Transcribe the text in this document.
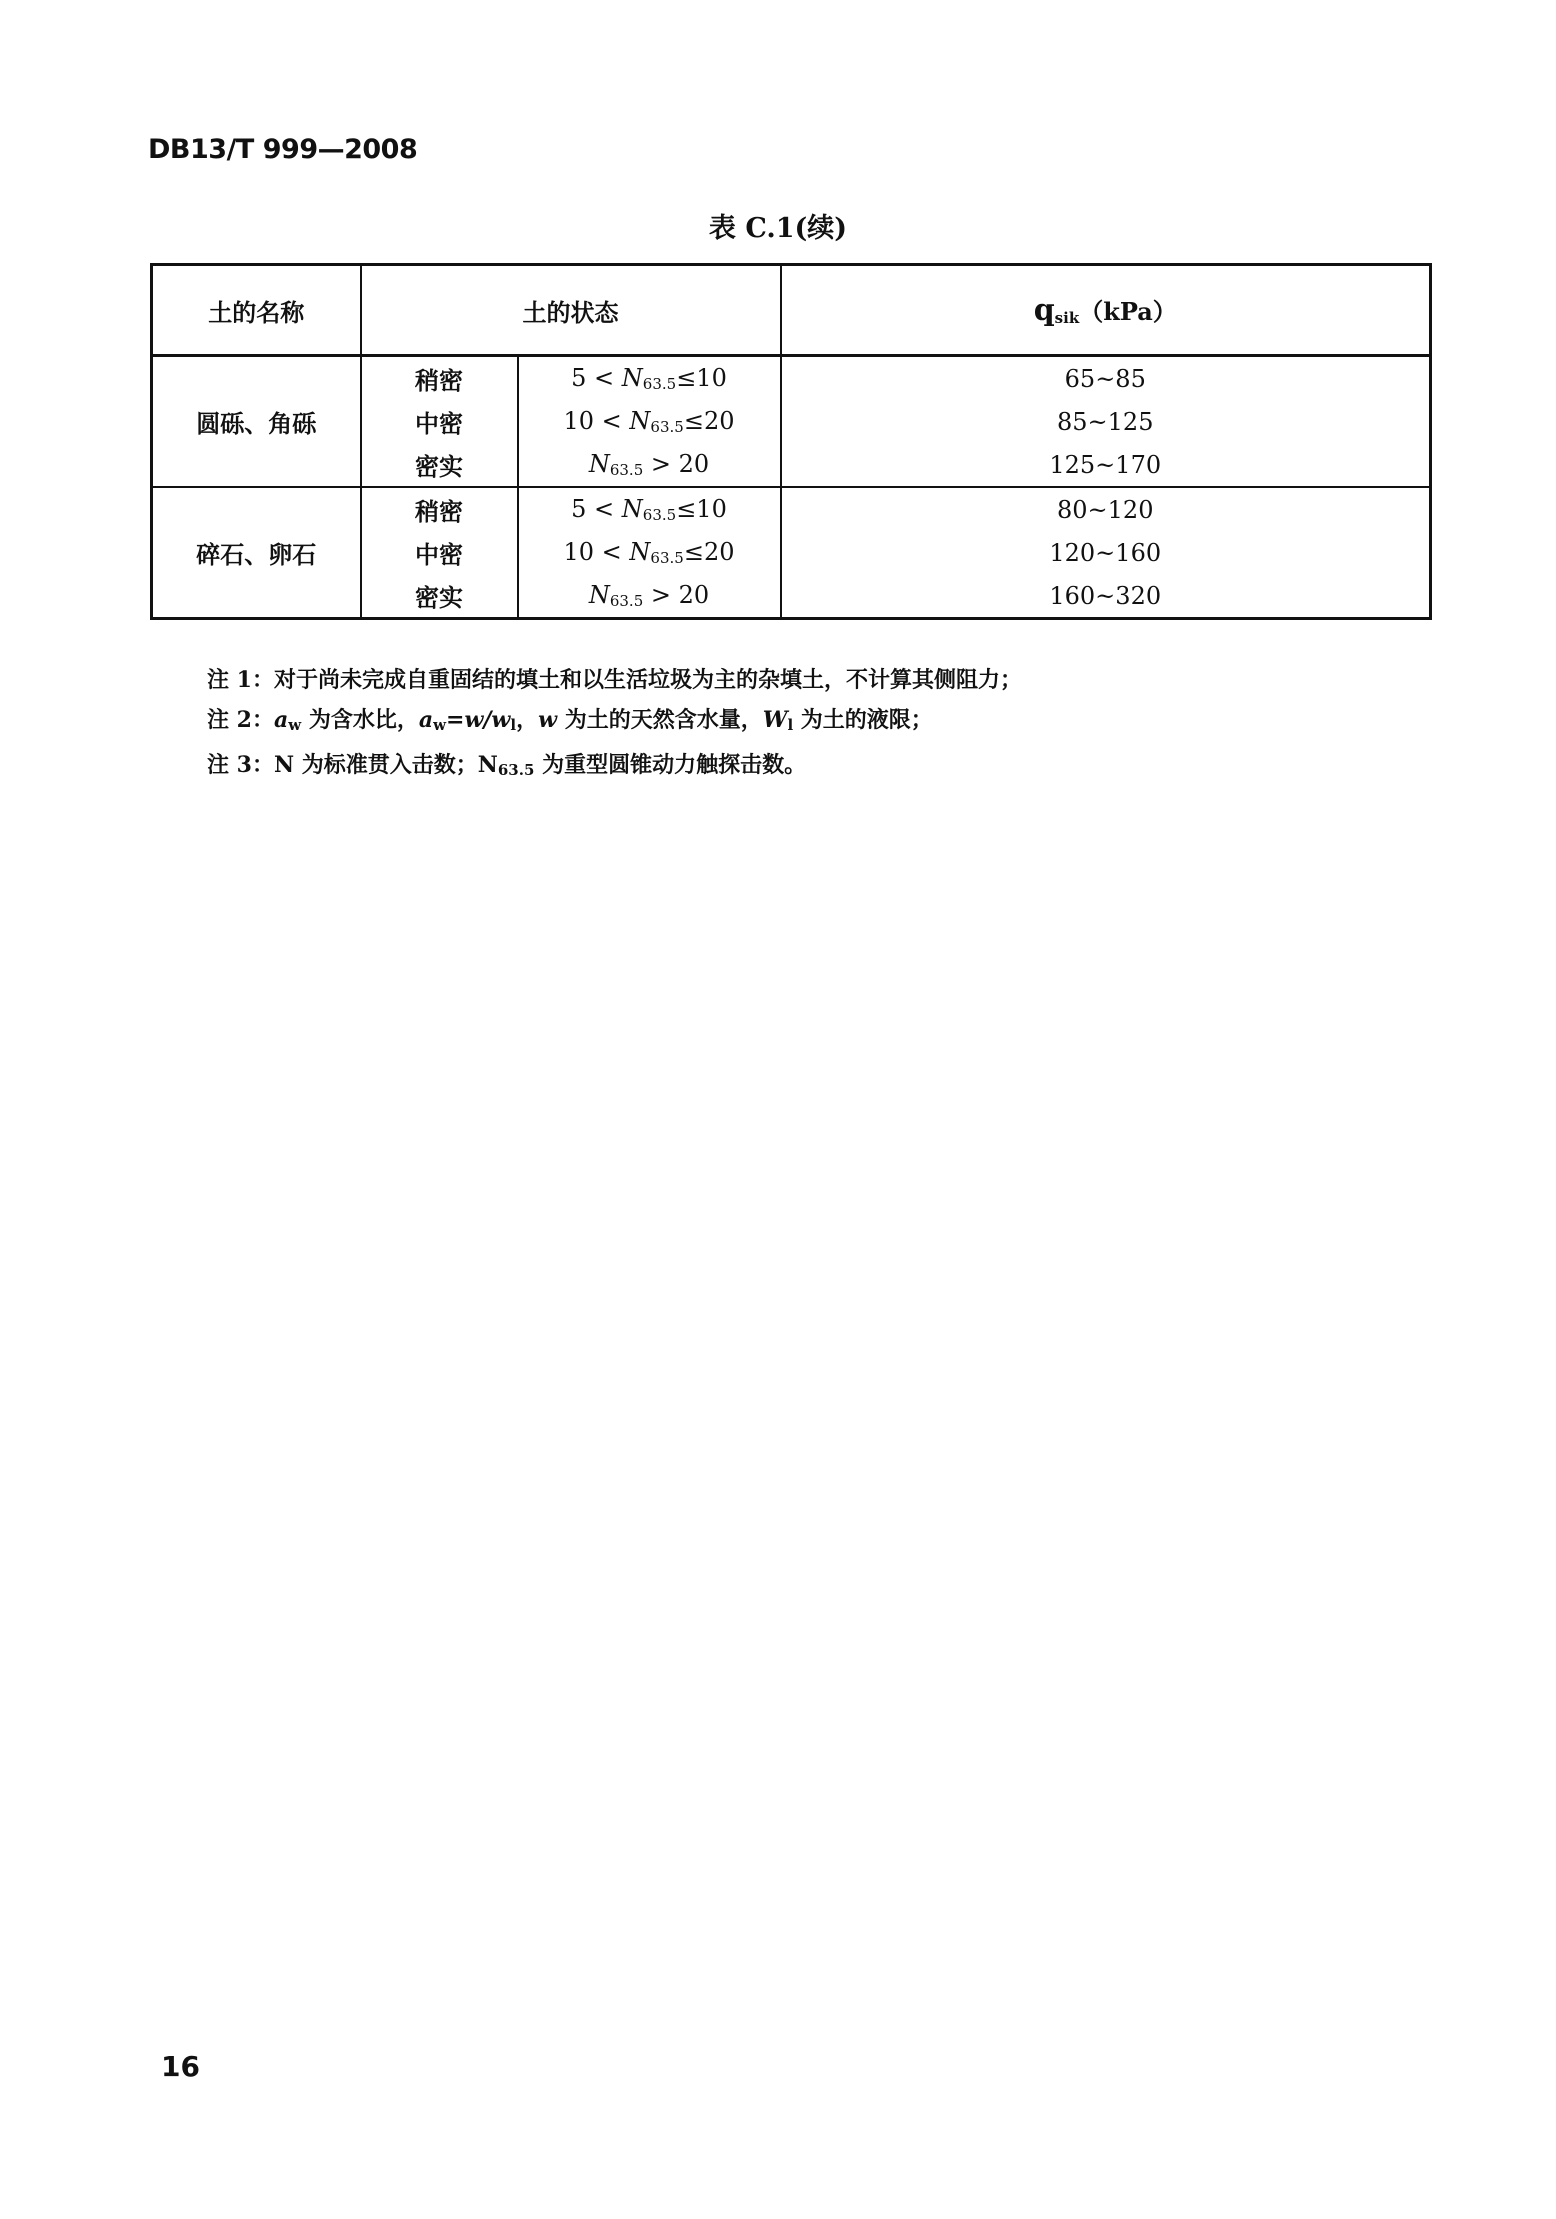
DB13/T 999—2008
表 C.1(续)
土的名称	土的状态		$q_{sik}(kPa)$
圆砾、角砾	稍密	$5 < N_{63.5}\le 10$	65~85
	中密	$10 < N_{63.5}\le 20$	85~125
	密实	$N_{63.5} > 20$	125~170
碎石、卵石	稍密	$5 < N_{63.5}\le 10$	80~120
	中密	$10 < N_{63.5}\le 20$	120~160
	密实	$N_{63.5} > 20$	160~320
注 1：对于尚未完成自重固结的填土和以生活垃圾为主的杂填土，不计算其侧阻力；
注 2：$a_w$ 为含水比，$a_w=w/w_l$，w 为土的天然含水量，$W_l$ 为土的液限；
注 3：N 为标准贯入击数；$N_{63.5}$ 为重型圆锥动力触探击数。
16
